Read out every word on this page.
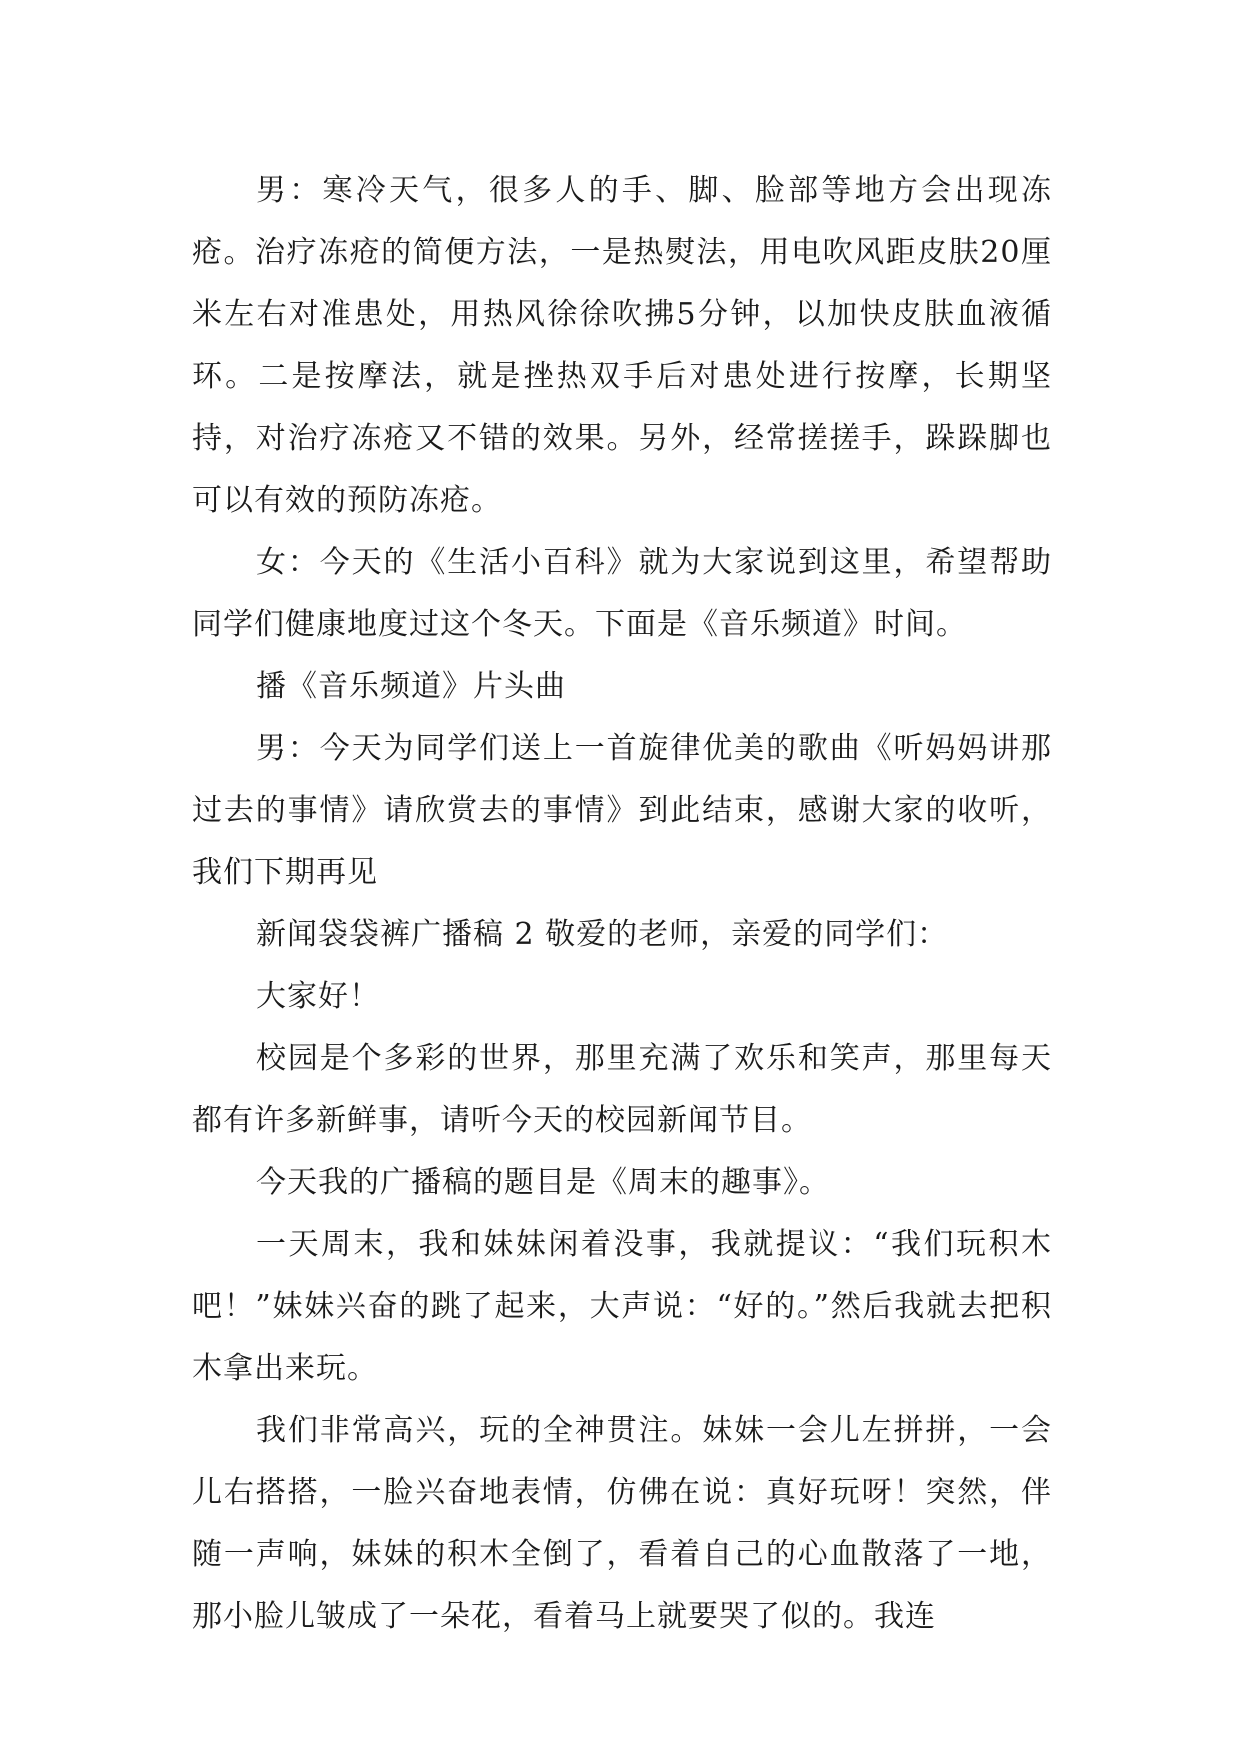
男：寒冷天气，很多人的手、脚、脸部等地方会出现冻疮。治疗冻疮的简便方法，一是热熨法，用电吹风距皮肤20厘米左右对准患处，用热风徐徐吹拂5分钟，以加快皮肤血液循环。二是按摩法，就是挫热双手后对患处进行按摩，长期坚持，对治疗冻疮又不错的效果。另外，经常搓搓手，跺跺脚也可以有效的预防冻疮。

女：今天的《生活小百科》就为大家说到这里，希望帮助同学们健康地度过这个冬天。下面是《音乐频道》时间。

播《音乐频道》片头曲

男：今天为同学们送上一首旋律优美的歌曲《听妈妈讲那过去的事情》请欣赏去的事情》到此结束，感谢大家的收听，我们下期再见

新闻袋袋裤广播稿 2 敬爱的老师，亲爱的同学们：

大家好！

校园是个多彩的世界，那里充满了欢乐和笑声，那里每天都有许多新鲜事，请听今天的校园新闻节目。

今天我的广播稿的题目是《周末的趣事》。

一天周末，我和妹妹闲着没事，我就提议：“我们玩积木吧！”妹妹兴奋的跳了起来，大声说：“好的。”然后我就去把积木拿出来玩。

我们非常高兴，玩的全神贯注。妹妹一会儿左拼拼，一会儿右搭搭，一脸兴奋地表情，仿佛在说：真好玩呀！突然，伴随一声响，妹妹的积木全倒了，看着自己的心血散落了一地，那小脸儿皱成了一朵花，看着马上就要哭了似的。我连
